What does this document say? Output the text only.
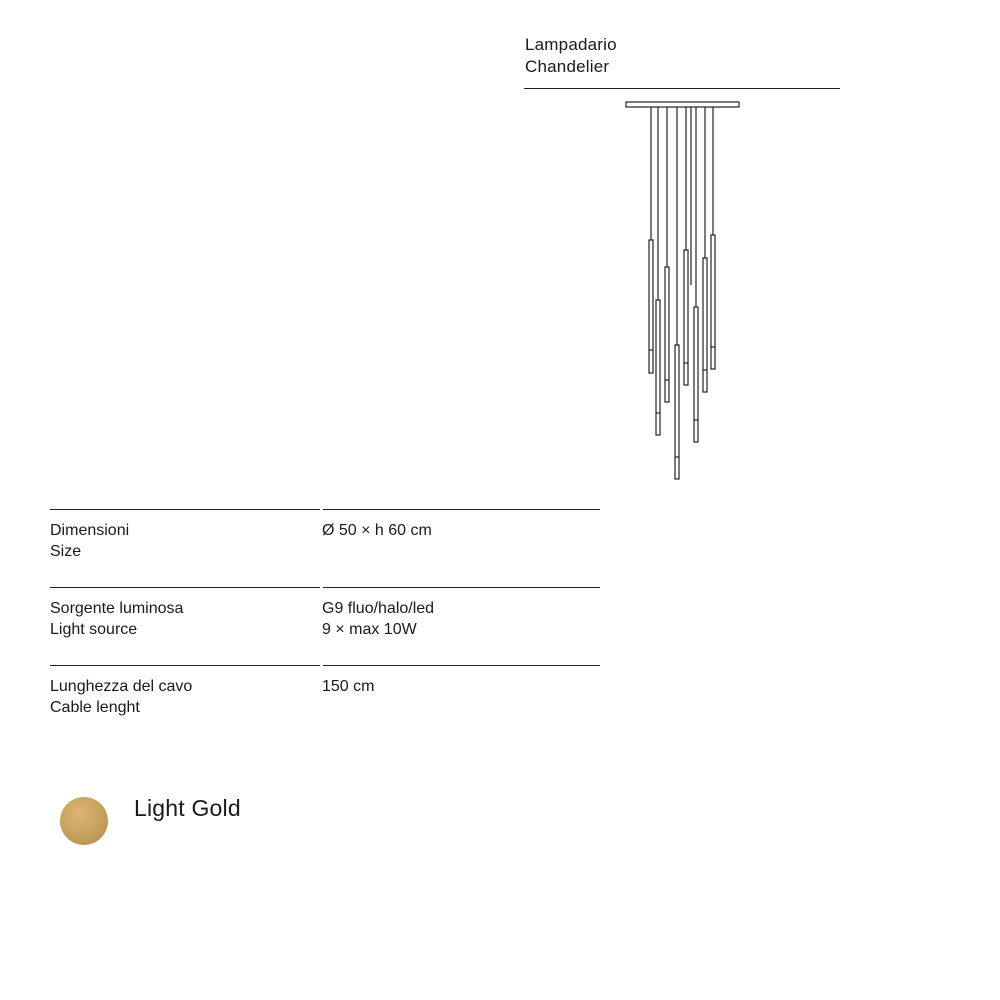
Lampadario
Chandelier
Dimensioni
Size
Ø 50 × h 60 cm
Sorgente luminosa
Light source
G9 fluo/halo/led
9 × max 10W
Lunghezza del cavo
Cable lenght
150 cm
Light Gold
